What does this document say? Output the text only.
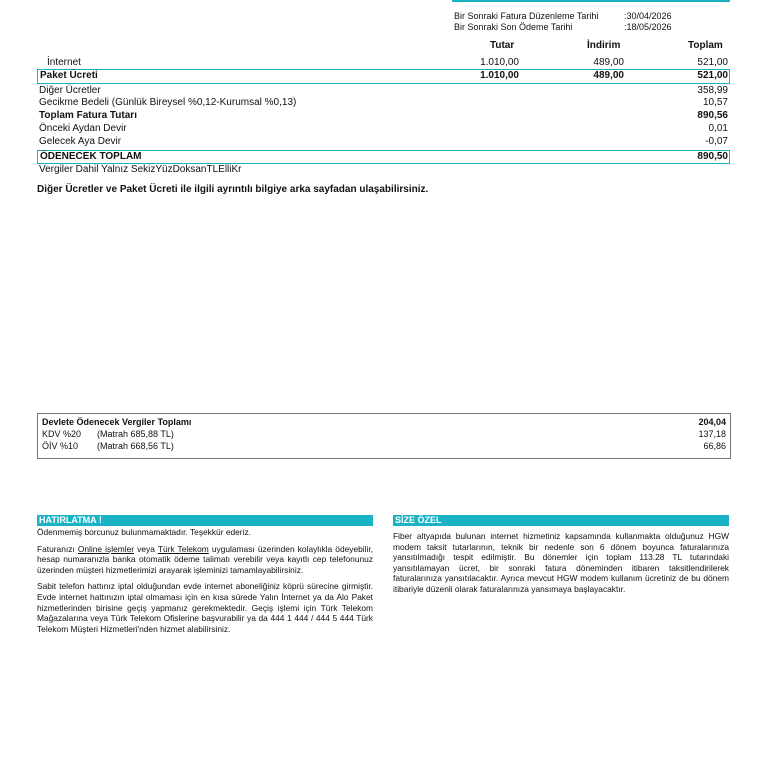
Bir Sonraki Fatura Düzenleme Tarihi	:30/04/2026
Bir Sonraki Son Ödeme Tarihi	:18/05/2026
Tutar	İndirim	Toplam
İnternet	1.010,00	489,00	521,00
Paket Ücreti	1.010,00	489,00	521,00
Diğer Ücretler	358,99
Gecikme Bedeli (Günlük Bireysel %0,12-Kurumsal %0,13)	10,57
Toplam Fatura Tutarı	890,56
Önceki Aydan Devir	0,01
Gelecek Aya Devir	-0,07
ÖDENECEK TOPLAM	890,50
Vergiler Dahil Yalnız SekizYüzDoksanTLElliKr
Diğer Ücretler ve Paket Ücreti ile ilgili ayrıntılı bilgiye arka sayfadan ulaşabilirsiniz.
Devlete Ödenecek Vergiler Toplamı	204,04
KDV %20 (Matrah 685,88 TL)	137,18
ÖİV %10 (Matrah 668,56 TL)	66,86
HATIRLATMA !

Ödenmemiş borcunuz bulunmamaktadır. Teşekkür ederiz.

Faturanızı Online işlemler veya Türk Telekom uygulaması üzerinden kolaylıkla ödeyebilir, hesap numaranızla banka otomatik ödeme talimatı verebilir veya kayıtlı cep telefonunuz üzerinden müşteri hizmetlerimizi arayarak işleminizi tamamlayabilirsiniz.

Sabit telefon hattınız iptal olduğundan evde internet aboneliğiniz köprü sürecine girmiştir. Evde internet hattınızın iptal olmaması için en kısa sürede Yalın İnternet ya da Alo Paket hizmetlerinden birisine geçiş yapmanız gerekmektedir. Geçiş işlemi için Türk Telekom Mağazalarına veya Türk Telekom Ofislerine başvurabilir ya da 444 1 444 / 444 5 444 Türk Telekom Müşteri Hizmetleri'nden hizmet alabilirsiniz.

SİZE ÖZEL

Fiber altyapıda bulunan internet hizmetiniz kapsamında kullanmakta olduğunuz HGW modem taksit tutarlarının, teknik bir nedenle son 6 dönem boyunca faturalarınıza yansıtılmadığı tespit edilmiştir. Bu dönemler için toplam 113.28 TL tutarındaki yansıtılamayan ücret, bir sonraki fatura döneminden itibaren taksitlendirilerek faturalarınıza yansıtılacaktır. Ayrıca mevcut HGW modem kullanım ücretiniz de bu dönem itibariyle düzenli olarak faturalarınıza yansımaya başlayacaktır.
